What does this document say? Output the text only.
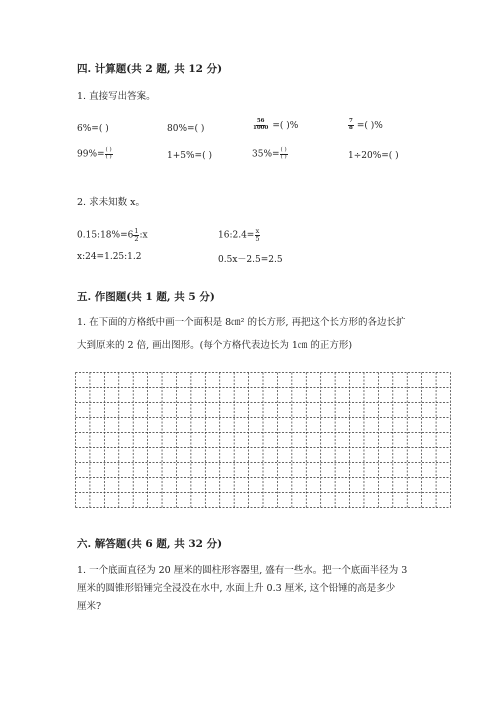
四. 计算题(共 2 题, 共 12 分)
1. 直接写出答案。
6%=( )	80%=( )	$\frac{56}{1000}$ =( )%	$\frac{7}{8}$ =( )%
$99\%= \frac{( )}{( )}$	1+5%=( )	$35\%= \frac{( )}{( )}$	1÷20%=( )
2. 求未知数 x。
0.15:18%=6 $\frac{1}{2}$ :x	16:2.4= $\frac{x}{5}$
x:24=1.25:1.2	0.5x－2.5=2.5
五. 作图题(共 1 题, 共 5 分)
1. 在下面的方格纸中画一个面积是 8㎝² 的长方形, 再把这个长方形的各边长扩
大到原来的 2 倍, 画出图形。(每个方格代表边长为 1㎝ 的正方形)
六. 解答题(共 6 题, 共 32 分)
1. 一个底面直径为 20 厘米的圆柱形容器里, 盛有一些水。把一个底面半径为 3
厘米的圆锥形铅锤完全浸没在水中, 水面上升 0.3 厘米, 这个铅锤的高是多少
厘米?
